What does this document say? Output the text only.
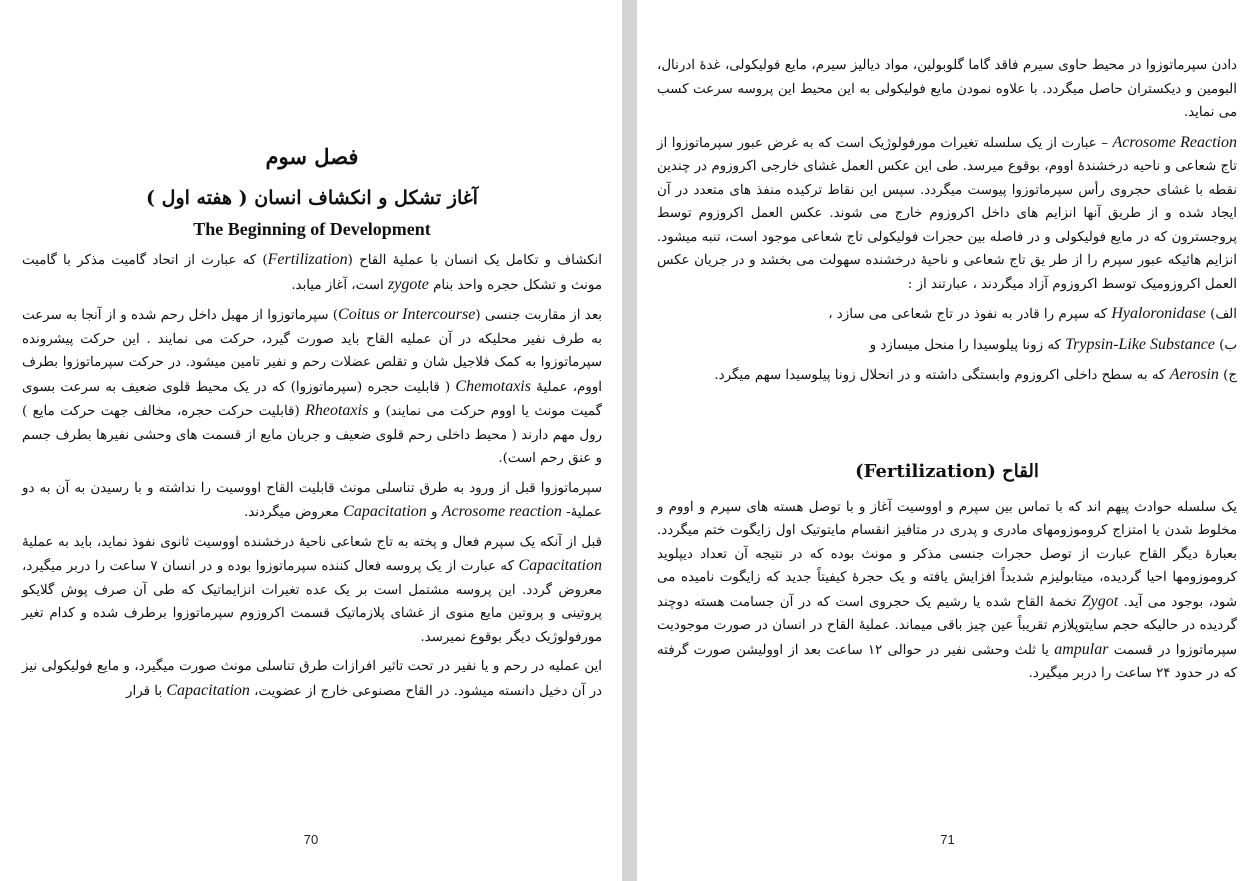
فصل سوم
آغاز تشکل و انکشاف انسان ( هفته اول )
The Beginning of Development

انکشاف و تکامل یک انسان با عملیهٔ القاح (Fertilization) که عبارت از اتحاد گامیت مذکر با گامیت مونث و تشکل حجره واحد بنام zygote است، آغاز میابد.

بعد از مقاربت جنسی (Coitus or Intercourse) سپرماتوزوا از مهبل داخل رحم شده و از آنجا به سرعت به طرف نفیر محلیکه در آن عملیه القاح باید صورت گیرد، حرکت می نمایند . این حرکت پیشرونده سپرماتوزوا به کمک فلاجیل شان و تقلص عضلات رحم و نفیر تامین میشود. در حرکت سپرماتوزوا بطرف اووم، عملیهٔ Chemotaxis ( قابلیت حجره (سپرماتوزوا) که در یک محیط قلوی ضعیف به سرعت بسوی گمیت مونث یا اووم حرکت می نمایند) و Rheotaxis (قابلیت حرکت حجره، مخالف جهت حرکت مایع ) رول مهم دارند ( محیط داخلی رحم قلوی ضعیف و جریان مایع از قسمت های وحشی نفیرها بطرف جسم و عنق رحم است).

سپرماتوزوا قبل از ورود به طرق تناسلی مونث قابلیت القاح اووسیت را نداشته و با رسیدن به آن به دو عملیهٔ- Acrosome reaction و Capacitation معروض میگردند.

قبل از آنکه یک سپرم فعال و پخته به تاج شعاعی ناحیهٔ درخشنده اووسیت ثانوی نفوذ نماید، باید به عملیهٔ Capacitation که عبارت از یک پروسه فعال کننده سپرماتوزوا بوده و در انسان ۷ ساعت را دربر میگیرد، معروض گردد. این پروسه مشتمل است بر یک عده تغیرات انزایماتیک که طی آن صرف پوش گلایکو پروتینی و پروتین مایع منوی از غشای پلازماتیک قسمت اکروزوم سپرماتوزوا برطرف شده و کدام تغیر مورفولوژیک دیگر بوقوع نمیرسد.

این عملیه در رحم و یا نفیر در تحت تاثیر افرازات طرق تناسلی مونث صورت میگیرد، و مایع فولیکولی نیز در آن دخیل دانسته میشود. در القاح مصنوعی خارج از عضویت، Capacitation با قرار

70

دادن سپرماتوزوا در محیط حاوی سیرم فاقد گاما گلوبولین، مواد دیالیز سیرم، مایع فولیکولی، غدهٔ ادرنال، البومین و دیکستران حاصل میگردد. با علاوه نمودن مایع فولیکولی به این محیط این پروسه سرعت کسب می نماید.

Acrosome Reaction – عبارت از یک سلسله تغیرات مورفولوژیک است که به غرض عبور سپرماتوزوا از تاج شعاعی و ناحیه درخشندهٔ اووم، بوقوع میرسد. طی این عکس العمل غشای خارجی اکروزوم در چندین نقطه با غشای حجروی رأس سپرماتوزوا پیوست میگردد. سپس این نقاط ترکیده منفذ های متعدد در آن ایجاد شده و از طریق آنها انزایم های داخل اکروزوم خارج می شوند. عکس العمل اکروزوم توسط پروجسترون که در مایع فولیکولی و در فاصله بین حجرات فولیکولی تاج شعاعی موجود است، تنبه میشود. انزایم هائیکه عبور سپرم را از طر یق تاج شعاعی و ناحیهٔ درخشنده سهولت می بخشد و در جریان عکس العمل اکروزومیک توسط اکروزوم آزاد میگردند ، عبارتند از :

الف) Hyaloronidase که سپرم را قادر به نفوذ در تاج شعاعی می سازد ،

ب) Trypsin-Like Substance که زونا پیلوسیدا را منحل میسازد و

ج) Aerosin که به سطح داخلی اکروزوم وابستگی داشته و در انحلال زونا پیلوسیدا سهم میگرد.

القاح (Fertilization)

یک سلسله حوادث پیهم اند که با تماس بین سپرم و اووسیت آغاز و با توصل هسته های سپرم و اووم و مخلوط شدن یا امتزاج کروموزومهای مادری و پدری در متافیز انقسام مایتوتیک اول زایگوت ختم میگردد. بعبارهٔ دیگر القاح عبارت از توصل حجرات جنسی مذکر و مونث بوده که در نتیجه آن تعداد دیپلوید کروموزومها احیا گردیده، میتابولیزم شدیداً افزایش یافته و یک حجرهٔ کیفیتاً جدید که زایگوت نامیده می شود، بوجود می آید. Zygot تخمهٔ القاح شده یا رشیم یک حجروی است که در آن جسامت هسته دوچند گردیده در حالیکه حجم سایتوپلازم تقریباً عین چیز باقی میماند. عملیهٔ القاح در انسان در صورت موجودیت سپرماتوزوا در قسمت ampular یا ثلث وحشی نفیر در حوالی ۱۲ ساعت بعد از اوولیشن صورت گرفته که در حدود ۲۴ ساعت را دربر میگیرد.

71
